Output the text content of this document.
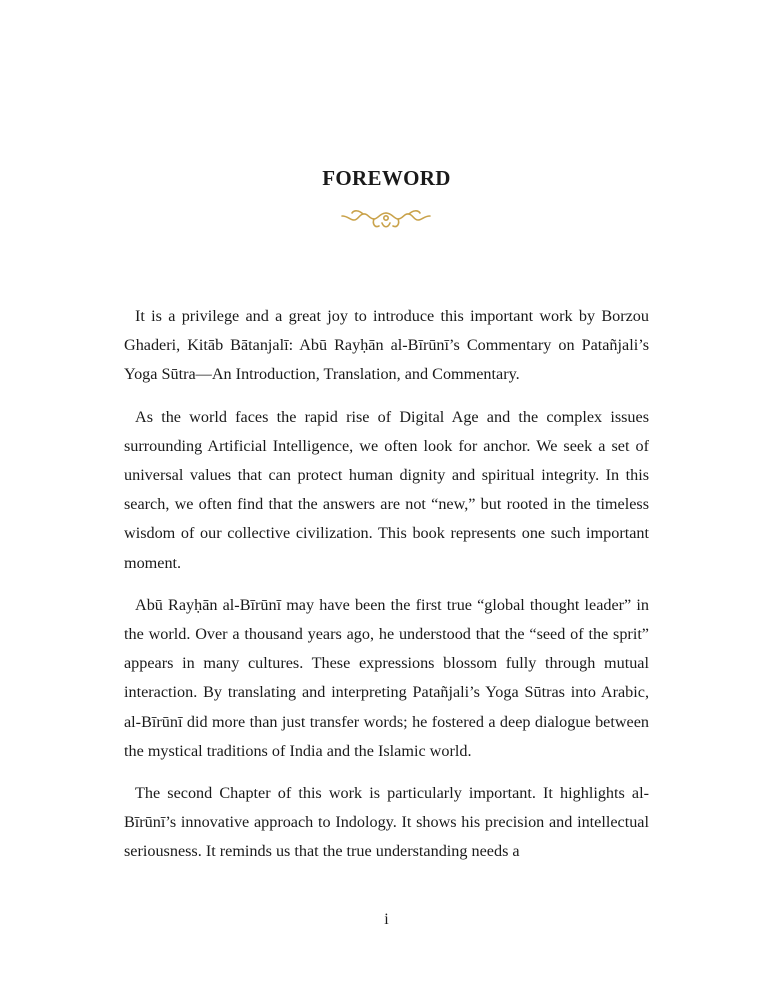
FOREWORD

It is a privilege and a great joy to introduce this important work by Borzou Ghaderi, Kitāb Bātanjalī: Abū Rayḥān al-Bīrūnī’s Commentary on Patañjali’s Yoga Sūtra—An Introduction, Translation, and Commentary.

As the world faces the rapid rise of Digital Age and the complex issues surrounding Artificial Intelligence, we often look for anchor. We seek a set of universal values that can protect human dignity and spiritual integrity. In this search, we often find that the answers are not “new,” but rooted in the timeless wisdom of our collective civilization. This book represents one such important moment.

Abū Rayḥān al-Bīrūnī may have been the first true “global thought leader” in the world. Over a thousand years ago, he understood that the “seed of the sprit” appears in many cultures. These expressions blossom fully through mutual interaction. By translating and interpreting Patañjali’s Yoga Sūtras into Arabic, al-Bīrūnī did more than just transfer words; he fostered a deep dialogue between the mystical traditions of India and the Islamic world.

The second Chapter of this work is particularly important. It highlights al-Bīrūnī’s innovative approach to Indology. It shows his precision and intellectual seriousness. It reminds us that the true understanding needs a

i
